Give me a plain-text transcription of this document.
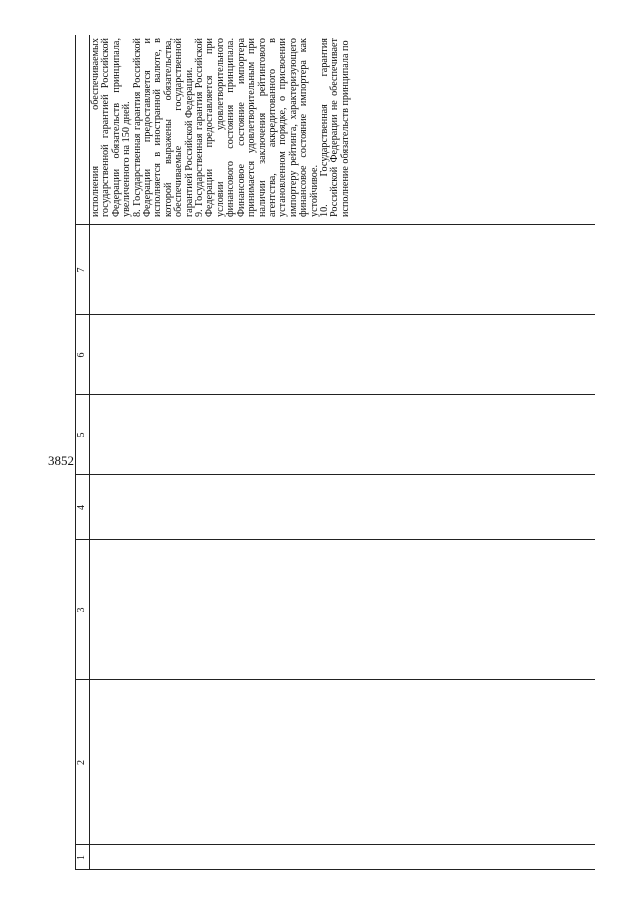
3852
1
2
3
4
5
6
7

исполнения обеспечиваемых государственной гарантией Российской Федерации обязательств принципала, увеличенного на 150 дней. 8. Государственная гарантия Российской Федерации предоставляется и исполняется в иностранной валюте, в которой выражены обязательства, обеспечиваемые государственной гарантией Российской Федерации. 9. Государственная гарантия Российской Федерации предоставляется при условии удовлетворительного финансового состояния принципала. Финансовое состояние импортера принимается удовлетворительным при наличии заключения рейтингового агентства, аккредитованного в установленном порядке, о присвоении импортеру рейтинга, характеризующего финансовое состояние импортера как устойчивое. 10. Государственная гарантия Российской Федерации не обеспечивает исполнение обязательств принципала по
